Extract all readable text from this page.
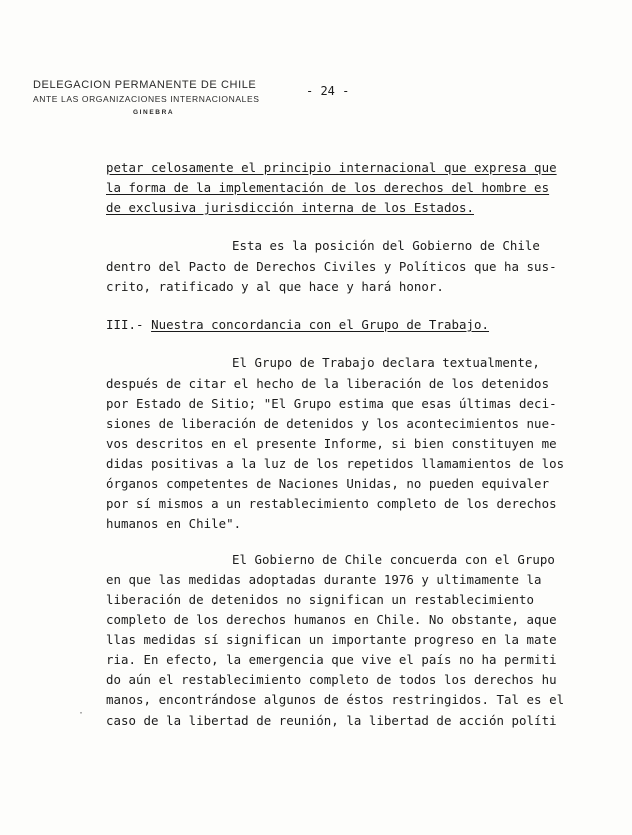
DELEGACION PERMANENTE DE CHILE
ANTE LAS ORGANIZACIONES INTERNACIONALES
GINEBRA
- 24 -
petar celosamente el principio internacional que expresa que
la forma de la implementación de los derechos del hombre es
de exclusiva jurisdicción interna de los Estados.
Esta es la posición del Gobierno de Chile
dentro del Pacto de Derechos Civiles y Políticos que ha sus-
crito, ratificado y al que hace y hará honor.
III.- Nuestra concordancia con el Grupo de Trabajo.
El Grupo de Trabajo declara textualmente,
después de citar el hecho de la liberación de los detenidos
por Estado de Sitio; "El Grupo estima que esas últimas deci-
siones de liberación de detenidos y los acontecimientos nue-
vos descritos en el presente Informe, si bien constituyen me
didas positivas a la luz de los repetidos llamamientos de los
órganos competentes de Naciones Unidas, no pueden equivaler
por sí mismos a un restablecimiento completo de los derechos
humanos en Chile".
El Gobierno de Chile concuerda con el Grupo
en que las medidas adoptadas durante 1976 y ultimamente la
liberación de detenidos no significan un restablecimiento
completo de los derechos humanos en Chile. No obstante, aque
llas medidas sí significan un importante progreso en la mate
ria. En efecto, la emergencia que vive el país no ha permiti
do aún el restablecimiento completo de todos los derechos hu
manos, encontrándose algunos de éstos restringidos. Tal es el
caso de la libertad de reunión, la libertad de acción políti
·
